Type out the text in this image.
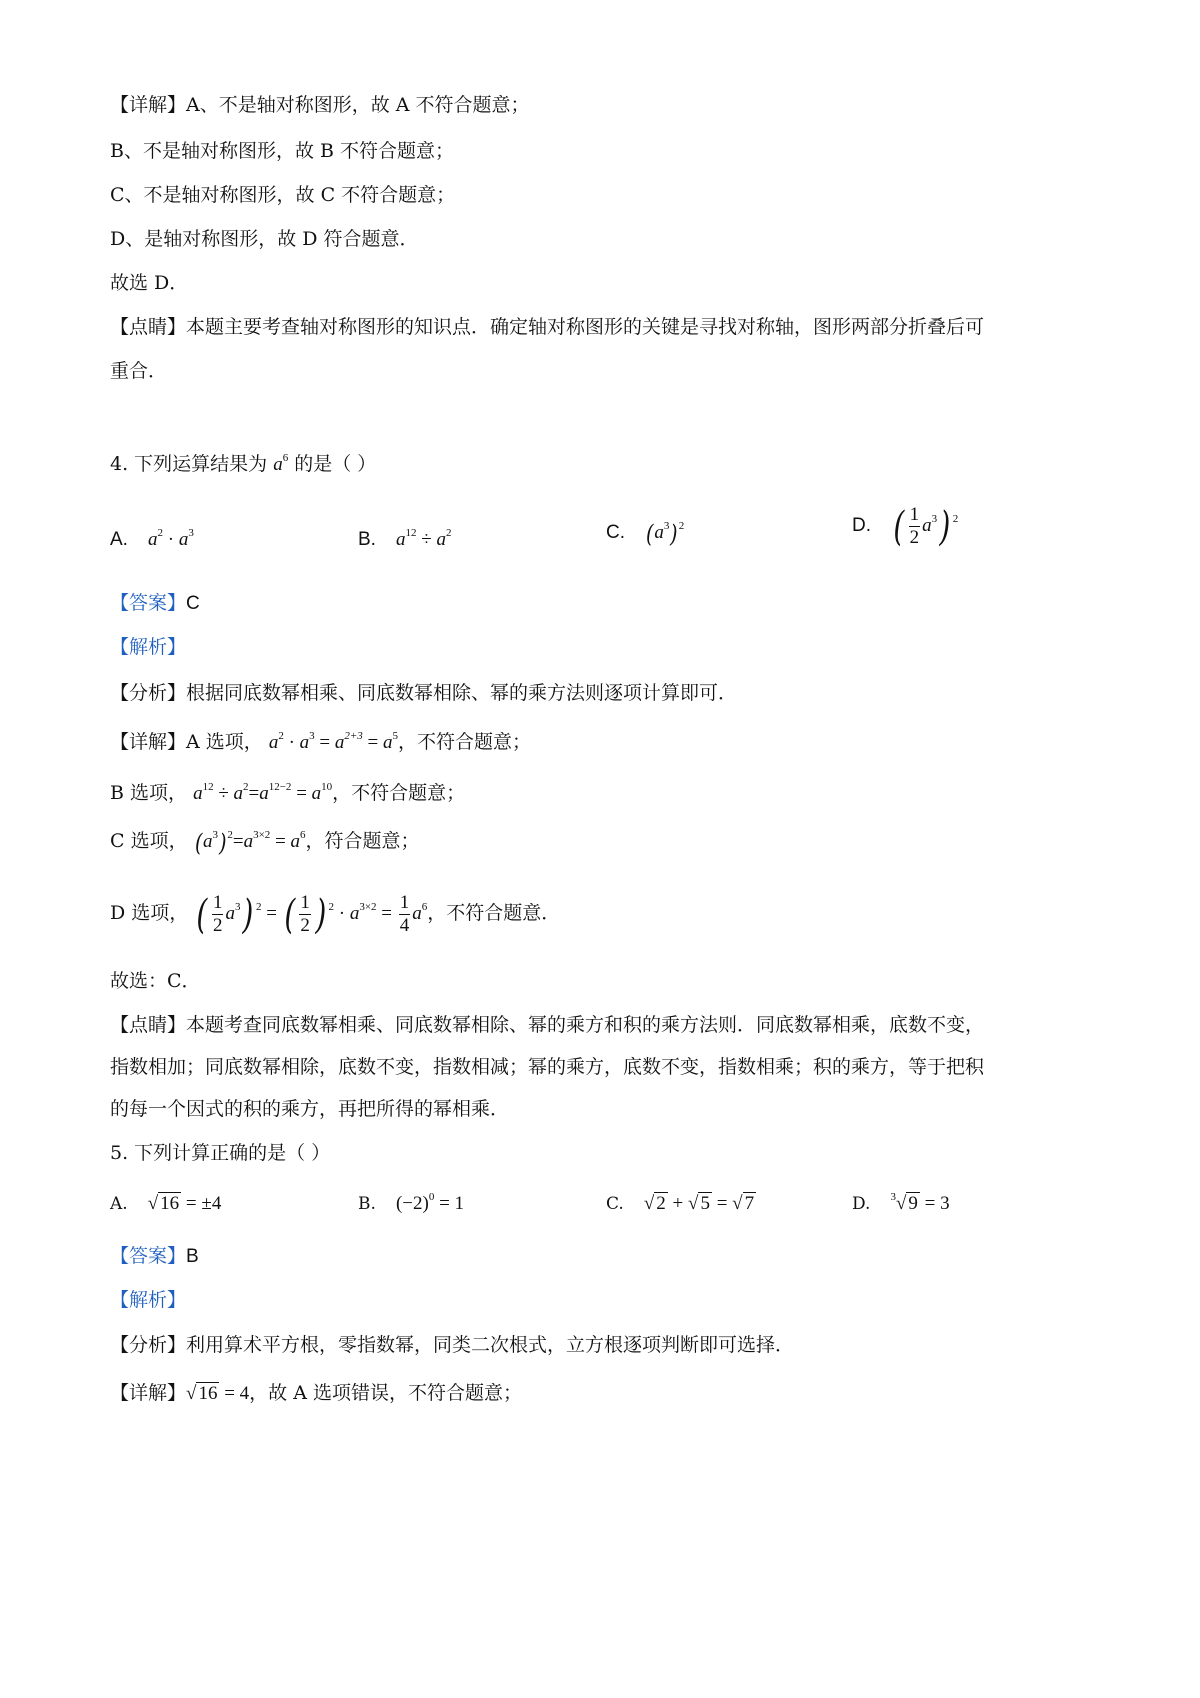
【详解】A、不是轴对称图形，故 A 不符合题意；
B、不是轴对称图形，故 B 不符合题意；
C、不是轴对称图形，故 C 不符合题意；
D、是轴对称图形，故 D 符合题意．
故选 D．
【点睛】本题主要考查轴对称图形的知识点．确定轴对称图形的关键是寻找对称轴，图形两部分折叠后可
重合．
4. 下列运算结果为 $a^6$ 的是（ ）
A. $a^2 \cdot a^3$	B. $a^{12} \div a^2$	C. $(a^3)^2$	D. ( $\frac{1}{2} a^3$) $^2$
【答案】C
【解析】
【分析】根据同底数幂相乘、同底数幂相除、幂的乘方法则逐项计算即可．
【详解】A 选项， $a^2 \cdot a^3 = a^{2+3} = a^5$，不符合题意；
B 选项， $a^{12} \div a^2=a^{12-2} = a^{10}$，不符合题意；
C 选项， $(a^3)^2=a^{3\times 2} = a^6$，符合题意；
D 选项， ( $\frac{1}{2} a^3$) $^2$ = ( $\frac{1}{2}$ ) $^2 \cdot a^{3\times 2} = \frac{1}{4} a^6$，不符合题意．
故选：C．
【点睛】本题考查同底数幂相乘、同底数幂相除、幂的乘方和积的乘方法则．同底数幂相乘，底数不变，
指数相加；同底数幂相除，底数不变，指数相减；幂的乘方，底数不变，指数相乘；积的乘方，等于把积
的每一个因式的积的乘方，再把所得的幂相乘．
5. 下列计算正确的是（ ）
A. √ 16 = ±4	B. $(-2)^0 = 1$	C. √ 2 + √ 5 = √ 7	D. $^3$√ 9 = 3
【答案】B
【解析】
【分析】利用算术平方根，零指数幂，同类二次根式，立方根逐项判断即可选择．
【详解】√ 16 = 4，故 A 选项错误，不符合题意；
